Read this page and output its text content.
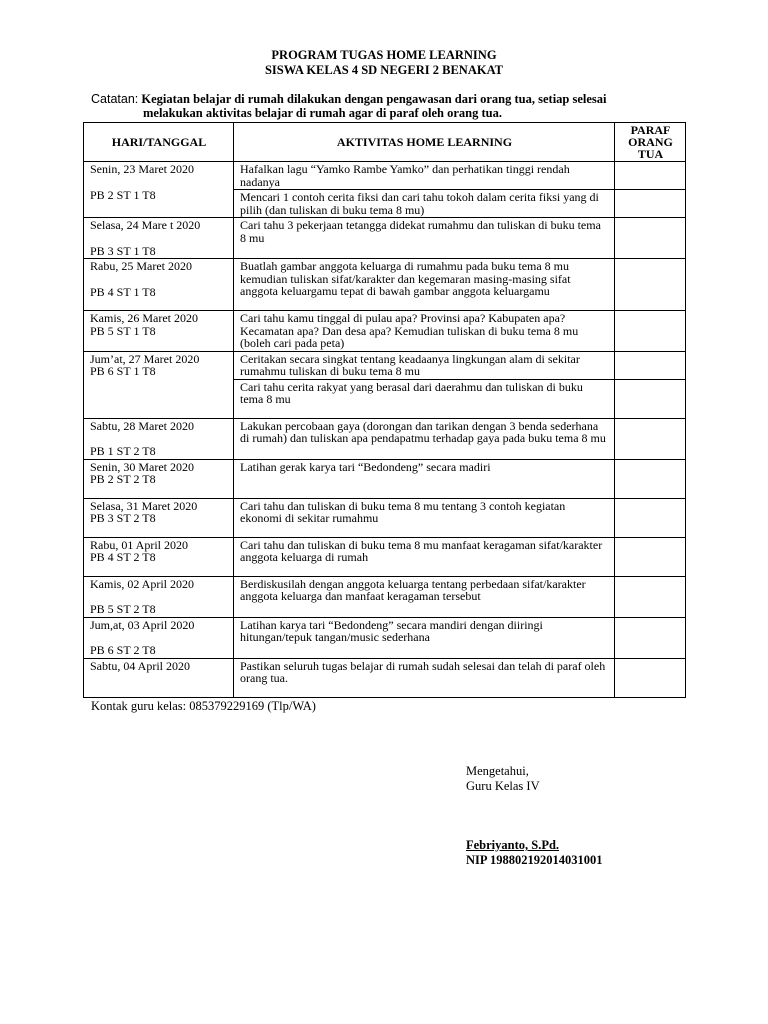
PROGRAM TUGAS HOME LEARNING
SISWA KELAS 4 SD NEGERI 2 BENAKAT
Catatan: Kegiatan belajar di rumah dilakukan dengan pengawasan dari orang tua, setiap selesai
melakukan aktivitas belajar di rumah agar di paraf oleh orang tua.
HARI/TANGGAL	AKTIVITAS HOME LEARNING	PARAF ORANG TUA

Senin, 23 Maret 2020
PB 2 ST 1 T8	Hafalkan lagu “Yamko Rambe Yamko” dan perhatikan tinggi rendah nadanya	
	Mencari 1 contoh cerita fiksi dan cari tahu tokoh dalam cerita fiksi yang di pilih (dan tuliskan di buku tema 8 mu)	

Selasa, 24 Mare t 2020
PB 3 ST 1 T8	Cari tahu 3 pekerjaan tetangga didekat rumahmu dan tuliskan di buku tema 8 mu	

Rabu, 25 Maret 2020
PB 4 ST 1 T8	Buatlah gambar anggota keluarga di rumahmu pada buku tema 8 mu kemudian tuliskan sifat/karakter dan kegemaran masing-masing sifat anggota keluargamu tepat di bawah gambar anggota keluargamu	

Kamis, 26 Maret 2020
PB 5 ST 1 T8	Cari tahu kamu tinggal di pulau apa? Provinsi apa? Kabupaten apa? Kecamatan apa? Dan desa apa? Kemudian tuliskan di buku tema 8 mu (boleh cari pada peta)	

Jum’at, 27 Maret 2020
PB 6 ST 1 T8	Ceritakan secara singkat tentang keadaanya lingkungan alam di sekitar rumahmu tuliskan di buku tema 8 mu	
	Cari tahu cerita rakyat yang berasal dari daerahmu dan tuliskan di buku tema 8 mu	

Sabtu, 28 Maret 2020
PB 1 ST 2 T8	Lakukan percobaan gaya (dorongan dan tarikan dengan 3 benda sederhana di rumah) dan tuliskan apa pendapatmu terhadap gaya pada buku tema 8 mu	

Senin, 30 Maret 2020
PB 2 ST 2 T8	Latihan gerak karya tari “Bedondeng” secara madiri	

Selasa, 31 Maret 2020
PB 3 ST 2 T8	Cari tahu dan tuliskan di buku tema 8 mu tentang 3 contoh kegiatan ekonomi di sekitar rumahmu	

Rabu, 01 April 2020
PB 4 ST 2 T8	Cari tahu dan tuliskan di buku tema 8 mu manfaat keragaman sifat/karakter anggota keluarga di rumah	

Kamis, 02 April 2020
PB 5 ST 2 T8	Berdiskusilah dengan anggota keluarga tentang perbedaan sifat/karakter anggota keluarga dan manfaat keragaman tersebut	

Jum,at, 03 April 2020
PB 6 ST 2 T8	Latihan karya tari “Bedondeng” secara mandiri dengan diiringi hitungan/tepuk tangan/music sederhana	

Sabtu, 04 April 2020	Pastikan seluruh tugas belajar di rumah sudah selesai dan telah di paraf oleh orang tua.	
Kontak guru kelas: 085379229169 (Tlp/WA)
Mengetahui,
Guru Kelas IV
Febriyanto, S.Pd.
NIP 198802192014031001
